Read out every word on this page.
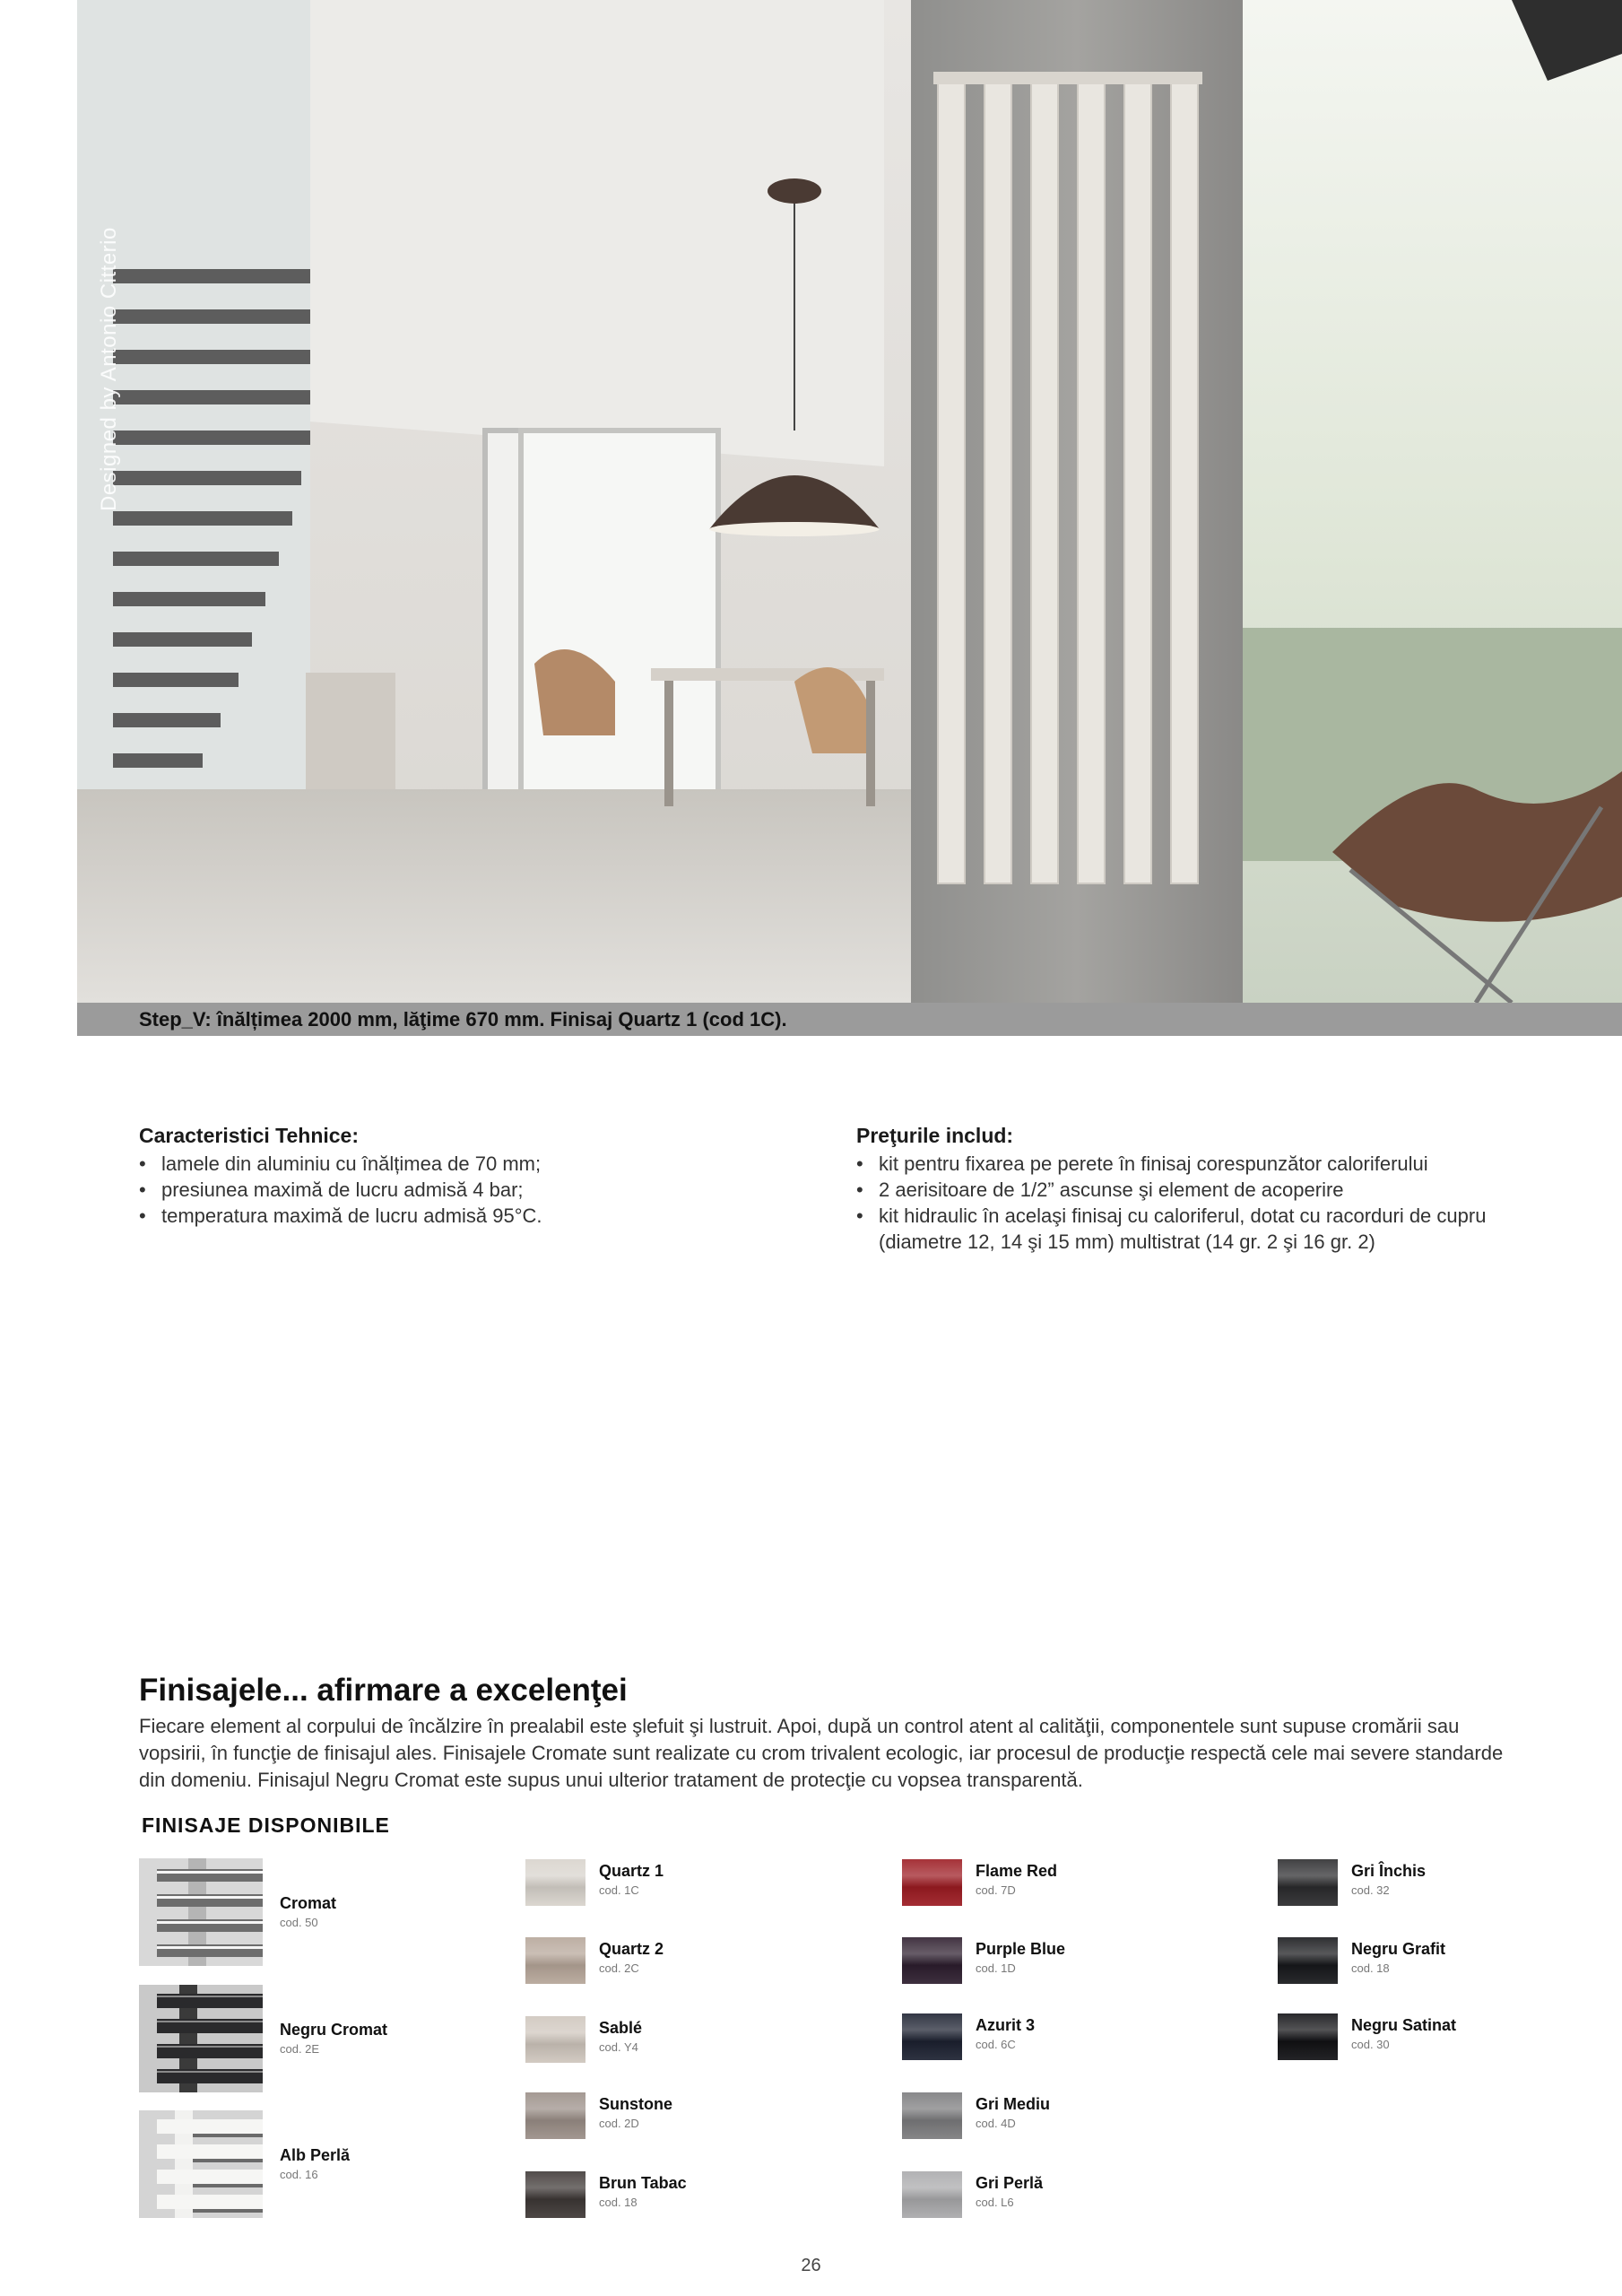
Designed by Antonio Citterio
Step_V: înălțimea 2000 mm, lăţime 670 mm. Finisaj Quartz 1 (cod 1C).
Caracteristici Tehnice:
• lamele din aluminiu cu înălțimea de 70 mm;
• presiunea maximă de lucru admisă 4 bar;
• temperatura maximă de lucru admisă 95°C.
Preţurile includ:
• kit pentru fixarea pe perete în finisaj corespunzător caloriferului
• 2 aerisitoare de 1/2” ascunse şi element de acoperire
• kit hidraulic în acelaşi finisaj cu caloriferul, dotat cu racorduri de cupru (diametre 12, 14 şi 15 mm) multistrat (14 gr. 2 şi 16 gr. 2)
Finisajele... afirmare a excelenţei

Fiecare element al corpului de încălzire în prealabil este şlefuit şi lustruit. Apoi, după un control atent al calităţii, componentele sunt supuse cromării sau vopsirii, în funcţie de finisajul ales. Finisajele Cromate sunt realizate cu crom trivalent ecologic, iar procesul de producţie respectă cele mai severe standarde din domeniu. Finisajul Negru Cromat este supus unui ulterior tratament de protecţie cu vopsea transparentă.

FINISAJE DISPONIBILE
Cromat
cod. 50
Negru Cromat
cod. 2E
Alb Perlă
cod. 16
Quartz 1
cod. 1C
Quartz 2
cod. 2C
Sablé
cod. Y4
Sunstone
cod. 2D
Brun Tabac
cod. 18
Flame Red
cod. 7D
Purple Blue
cod. 1D
Azurit 3
cod. 6C
Gri Mediu
cod. 4D
Gri Perlă
cod. L6
Gri Închis
cod. 32
Negru Grafit
cod. 18
Negru Satinat
cod. 30
26
